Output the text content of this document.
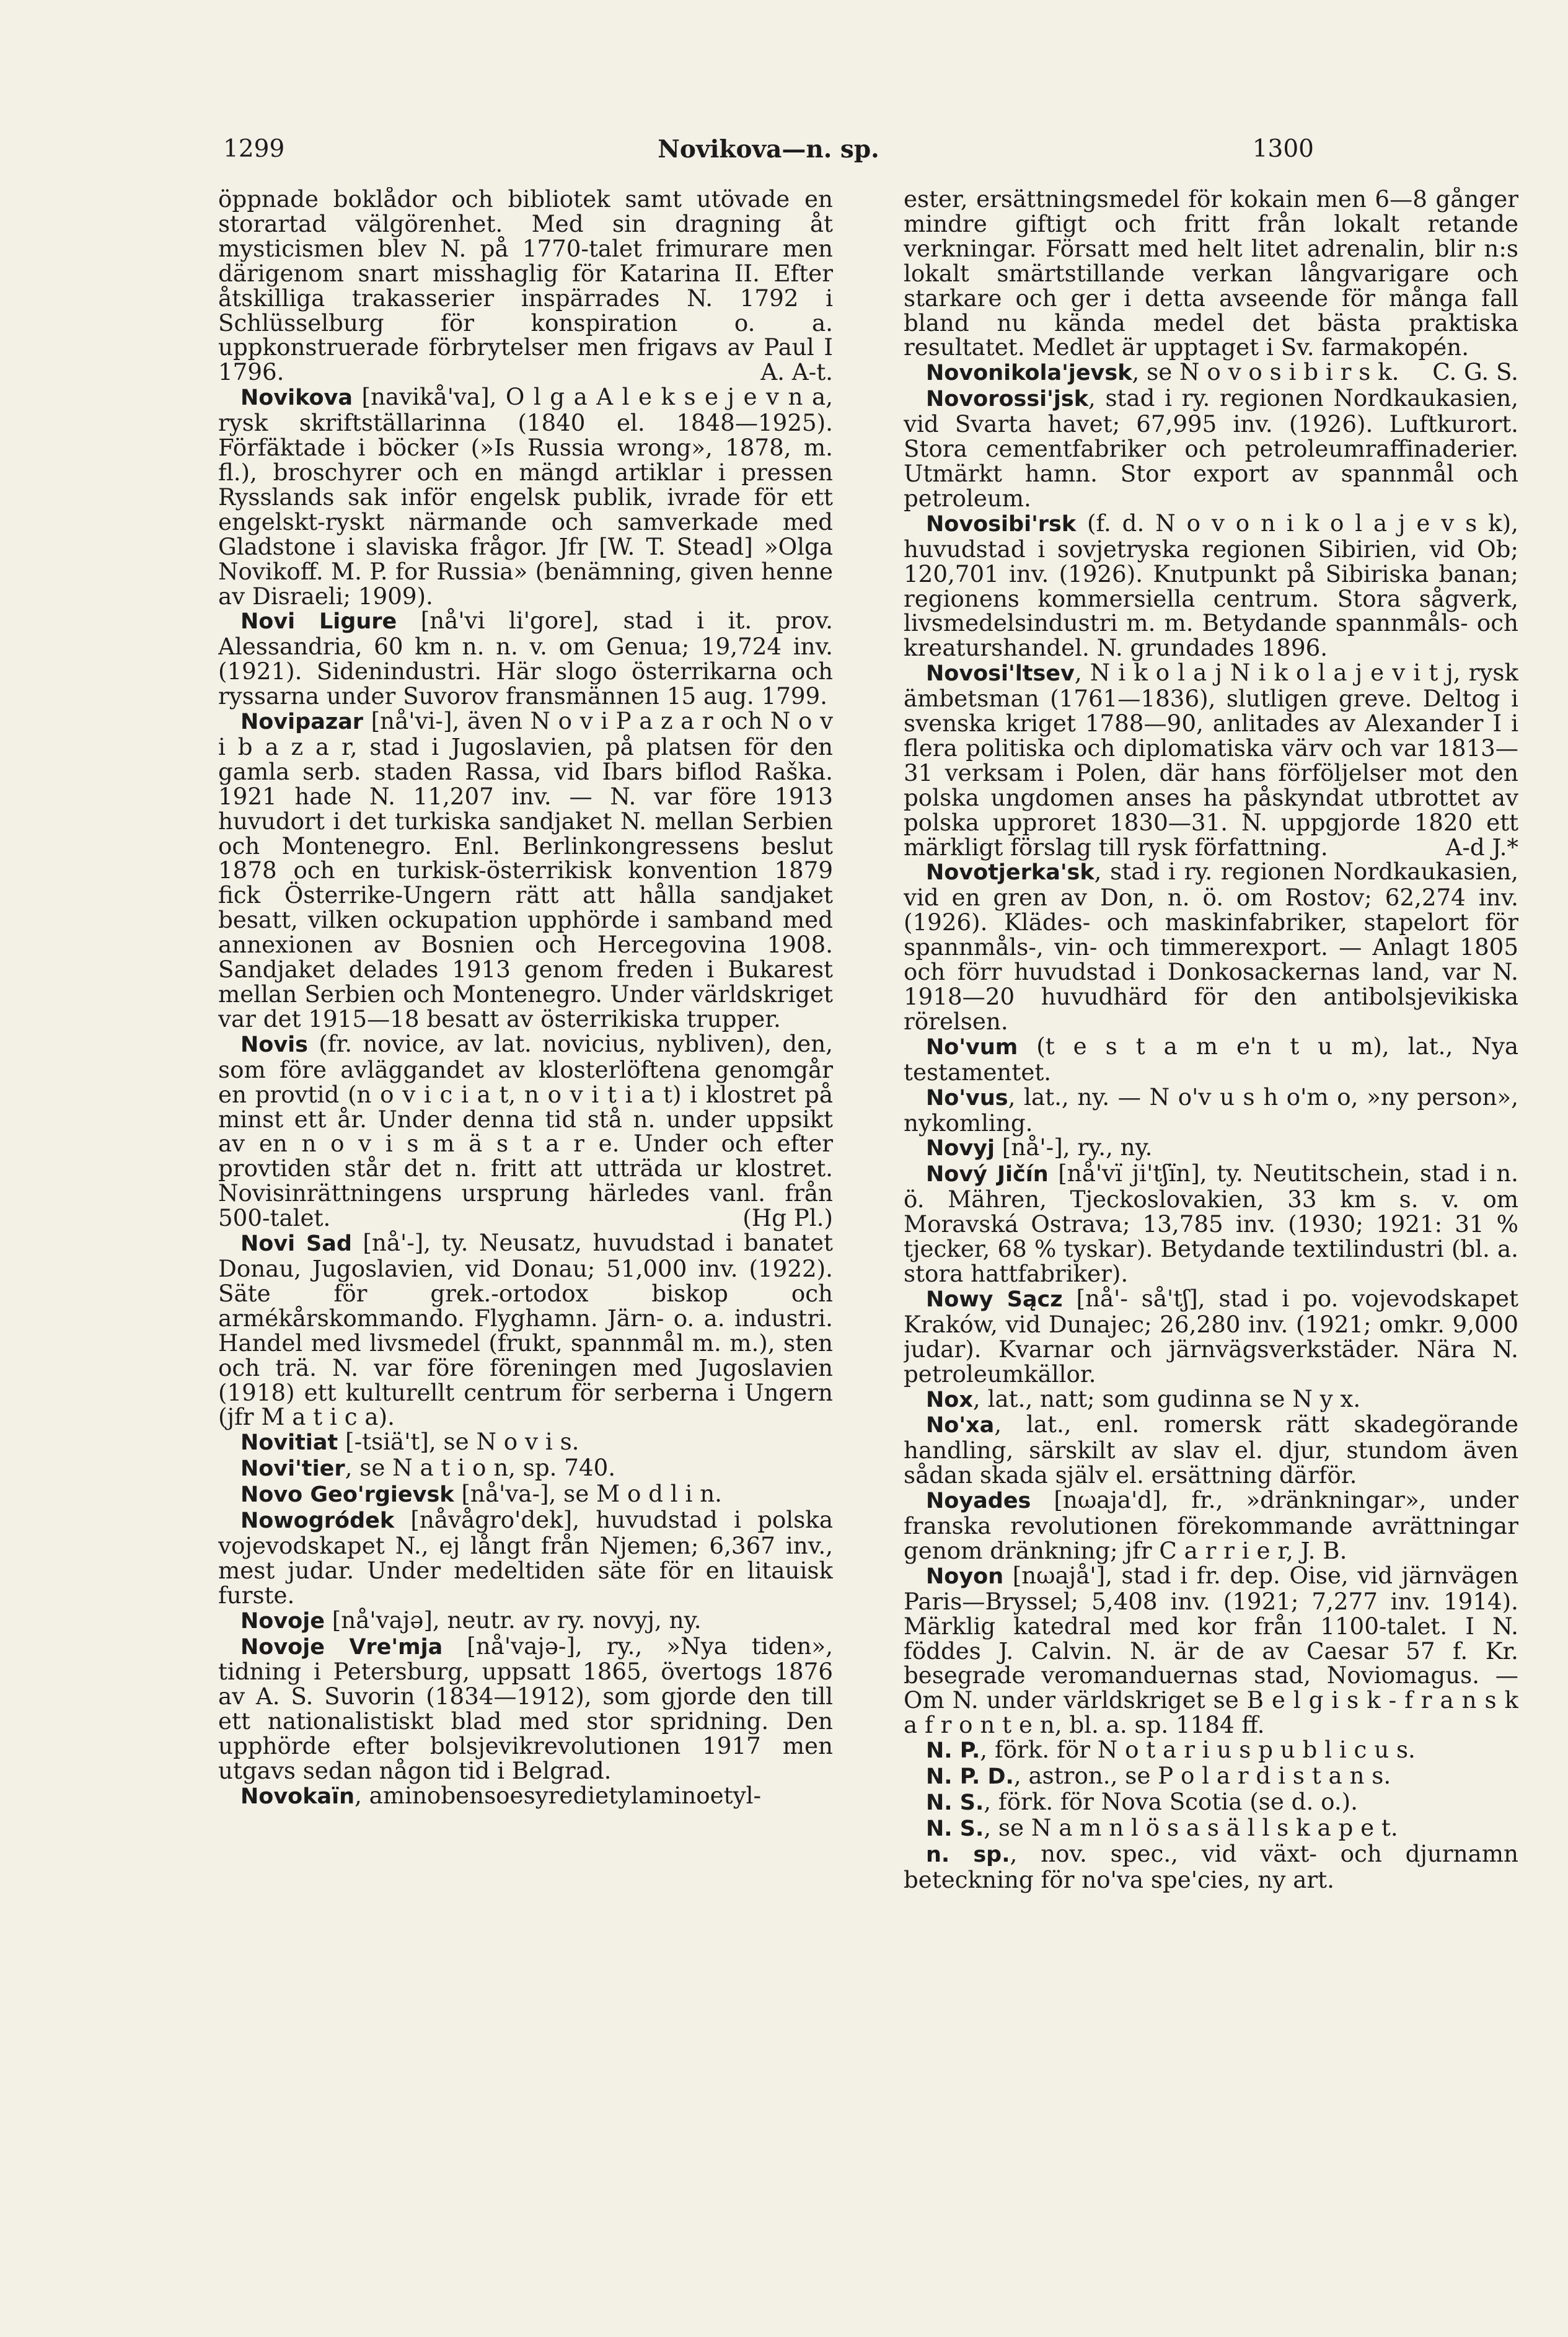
1299	Novikova—n. sp.	1300

öppnade boklådor och bibliotek samt utövade en storartad välgörenhet. Med sin dragning åt mysticismen blev N. på 1770-talet frimurare men därigenom snart misshaglig för Katarina II. Efter åtskilliga trakasserier inspärrades N. 1792 i Schlüsselburg för konspiration o. a. uppkonstruerade förbrytelser men frigavs av Paul I 1796.	A. A-t.

Novikova [navikå'va], O l g a A l e k s e j e v n a, rysk skriftställarinna (1840 el. 1848—1925). Förfäktade i böcker (»Is Russia wrong», 1878, m. fl.), broschyrer och en mängd artiklar i pressen Rysslands sak inför engelsk publik, ivrade för ett engelskt-ryskt närmande och samverkade med Gladstone i slaviska frågor. Jfr [W. T. Stead] »Olga Novikoff. M. P. for Russia» (benämning, given henne av Disraeli; 1909).

Novi Ligure [nå'vi li'gore], stad i it. prov. Alessandria, 60 km n. n. v. om Genua; 19,724 inv. (1921). Sidenindustri. Här slogo österrikarna och ryssarna under Suvorov fransmännen 15 aug. 1799.

Novipazar [nå'vi-], även N o v i P a z a r och N o v i b a z a r, stad i Jugoslavien, på platsen för den gamla serb. staden Rassa, vid Ibars biflod Raška. 1921 hade N. 11,207 inv. — N. var före 1913 huvudort i det turkiska sandjaket N. mellan Serbien och Montenegro. Enl. Berlinkongressens beslut 1878 och en turkisk-österrikisk konvention 1879 fick Österrike-Ungern rätt att hålla sandjaket besatt, vilken ockupation upphörde i samband med annexionen av Bosnien och Hercegovina 1908. Sandjaket delades 1913 genom freden i Bukarest mellan Serbien och Montenegro. Under världskriget var det 1915—18 besatt av österrikiska trupper.

Novis (fr. novice, av lat. novicius, nybliven), den, som före avläggandet av klosterlöftena genomgår en provtid (n o v i c i a t, n o v i t i a t) i klostret på minst ett år. Under denna tid stå n. under uppsikt av en n o v i s m ä s t a r e. Under och efter provtiden står det n. fritt att utträda ur klostret. Novisinrättningens ursprung härledes vanl. från 500-talet.	(Hg Pl.)

Novi Sad [nå'-], ty. Neusatz, huvudstad i banatet Donau, Jugoslavien, vid Donau; 51,000 inv. (1922). Säte för grek.-ortodox biskop och armékårskommando. Flyghamn. Järn- o. a. industri. Handel med livsmedel (frukt, spannmål m. m.), sten och trä. N. var före föreningen med Jugoslavien (1918) ett kulturellt centrum för serberna i Ungern (jfr M a t i c a).

Novitiat [-tsiä't], se N o v i s.

Novi'tier, se N a t i o n, sp. 740.

Novo Geo'rgievsk [nå'va-], se M o d l i n.

Nowogródek [nåvågro'dek], huvudstad i polska vojevodskapet N., ej långt från Njemen; 6,367 inv., mest judar. Under medeltiden säte för en litauisk furste.

Novoje [nå'vajə], neutr. av ry. novyj, ny.

Novoje Vre'mja [nå'vajə-], ry., »Nya tiden», tidning i Petersburg, uppsatt 1865, övertogs 1876 av A. S. Suvorin (1834—1912), som gjorde den till ett nationalistiskt blad med stor spridning. Den upphörde efter bolsjevikrevolutionen 1917 men utgavs sedan någon tid i Belgrad.

Novokaïn, aminobensoesyredietylaminoetyl-

ester, ersättningsmedel för kokain men 6—8 gånger mindre giftigt och fritt från lokalt retande verkningar. Försatt med helt litet adrenalin, blir n:s lokalt smärtstillande verkan långvarigare och starkare och ger i detta avseende för många fall bland nu kända medel det bästa praktiska resultatet. Medlet är upptaget i Sv. farmakopén.
C. G. S.

Novonikola'jevsk, se N o v o s i b i r s k.

Novorossi'jsk, stad i ry. regionen Nordkaukasien, vid Svarta havet; 67,995 inv. (1926). Luftkurort. Stora cementfabriker och petroleumraffinaderier. Utmärkt hamn. Stor export av spannmål och petroleum.

Novosibi'rsk (f. d. N o v o n i k o l a j e v s k), huvudstad i sovjetryska regionen Sibirien, vid Ob; 120,701 inv. (1926). Knutpunkt på Sibiriska banan; regionens kommersiella centrum. Stora sågverk, livsmedelsindustri m. m. Betydande spannmåls- och kreaturshandel. N. grundades 1896.

Novosi'ltsev, N i k o l a j N i k o l a j e v i t j, rysk ämbetsman (1761—1836), slutligen greve. Deltog i svenska kriget 1788—90, anlitades av Alexander I i flera politiska och diplomatiska värv och var 1813—31 verksam i Polen, där hans förföljelser mot den polska ungdomen anses ha påskyndat utbrottet av polska upproret 1830—31. N. uppgjorde 1820 ett märkligt förslag till rysk författning.	A-d J.*

Novotjerka'sk, stad i ry. regionen Nordkaukasien, vid en gren av Don, n. ö. om Rostov; 62,274 inv. (1926). Klädes- och maskinfabriker, stapelort för spannmåls-, vin- och timmerexport. — Anlagt 1805 och förr huvudstad i Donkosackernas land, var N. 1918—20 huvudhärd för den antibolsjevikiska rörelsen.

No'vum (t e s t a m e'n t u m), lat., Nya testamentet.

No'vus, lat., ny. — N o'v u s h o'm o, »ny person», nykomling.

Novyj [nå'-], ry., ny.

Nový Jičín [nå'vï ji'tʃïn], ty. Neutitschein, stad i n. ö. Mähren, Tjeckoslovakien, 33 km s. v. om Moravská Ostrava; 13,785 inv. (1930; 1921: 31 % tjecker, 68 % tyskar). Betydande textilindustri (bl. a. stora hattfabriker).

Nowy Sącz [nå'- så'tʃ], stad i po. vojevodskapet Kraków, vid Dunajec; 26,280 inv. (1921; omkr. 9,000 judar). Kvarnar och järnvägsverkstäder. Nära N. petroleumkällor.

Nox, lat., natt; som gudinna se N y x.

No'xa, lat., enl. romersk rätt skadegörande handling, särskilt av slav el. djur, stundom även sådan skada själv el. ersättning därför.

Noyades [nωaja'd], fr., »dränkningar», under franska revolutionen förekommande avrättningar genom dränkning; jfr C a r r i e r, J. B.

Noyon [nωajå'], stad i fr. dep. Oise, vid järnvägen Paris—Bryssel; 5,408 inv. (1921; 7,277 inv. 1914). Märklig katedral med kor från 1100-talet. I N. föddes J. Calvin. N. är de av Caesar 57 f. Kr. besegrade veromanduernas stad, Noviomagus. — Om N. under världskriget se B e l g i s k - f r a n s k a f r o n t e n, bl. a. sp. 1184 ff.

N. P., förk. för N o t a r i u s p u b l i c u s.

N. P. D., astron., se P o l a r d i s t a n s.

N. S., förk. för Nova Scotia (se d. o.).

N. S., se N a m n l ö s a s ä l l s k a p e t.

n. sp., nov. spec., vid växt- och djurnamn beteckning för no'va spe'cies, ny art.
